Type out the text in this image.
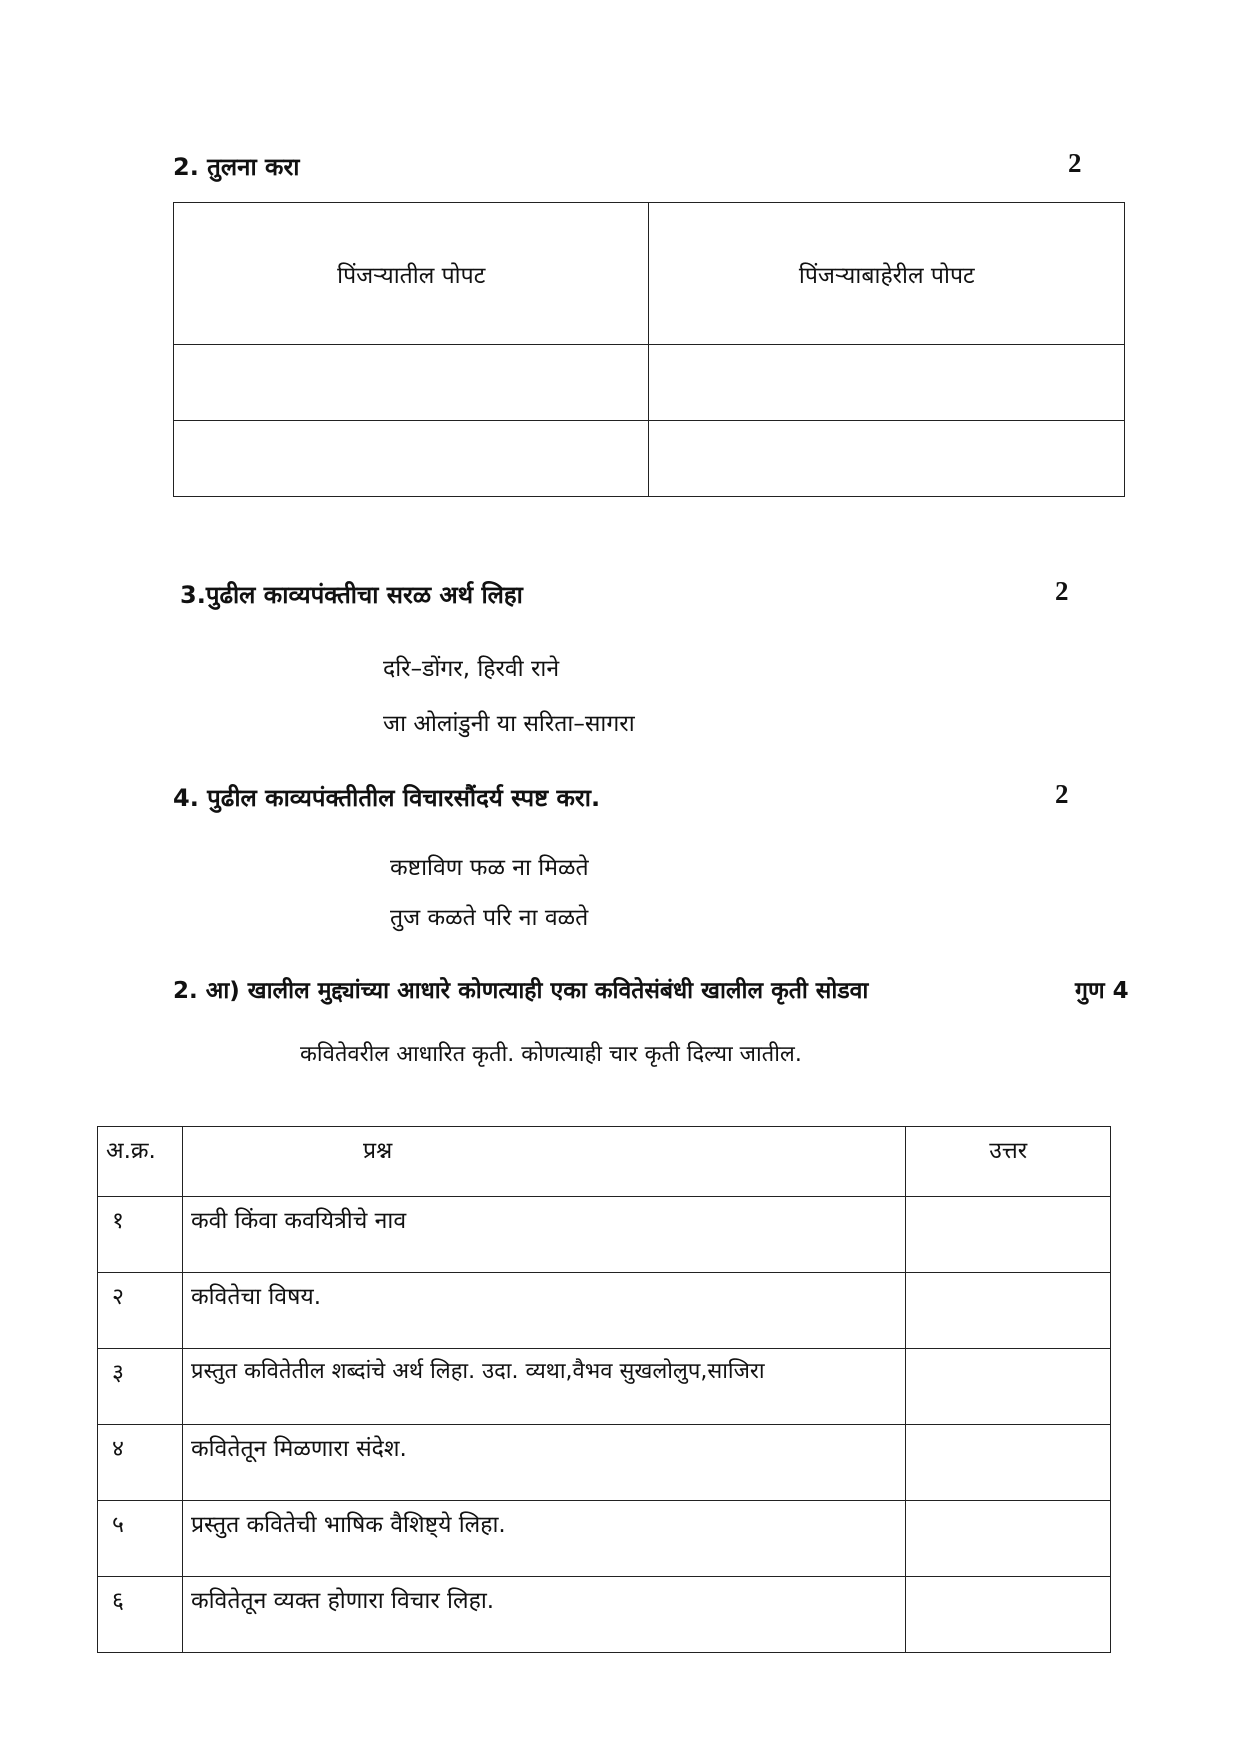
2. तुलना करा	2
पिंजऱ्यातील पोपट	पिंजऱ्याबाहेरील पोपट

3.पुढील काव्यपंक्तीचा सरळ अर्थ लिहा	2
दरि–डोंगर, हिरवी राने
जा ओलांडुनी या सरिता–सागरा
4. पुढील काव्यपंक्तीतील विचारसौंदर्य स्पष्ट करा.	2
कष्टाविण फळ ना मिळते
तुज कळते परि ना वळते
2. आ) खालील मुद्द्यांच्या आधारे कोणत्याही एका कवितेसंबंधी खालील कृती सोडवा	गुण 4
कवितेवरील आधारित कृती. कोणत्याही चार कृती दिल्या जातील.
अ.क्र.	प्रश्न	उत्तर
१	कवी किंवा कवयित्रीचे नाव	
२	कवितेचा विषय.	
३	प्रस्तुत कवितेतील शब्दांचे अर्थ लिहा. उदा. व्यथा,वैभव सुखलोलुप,साजिरा	
४	कवितेतून मिळणारा संदेश.	
५	प्रस्तुत कवितेची भाषिक वैशिष्ट्ये लिहा.	
६	कवितेतून व्यक्त होणारा विचार लिहा.	
